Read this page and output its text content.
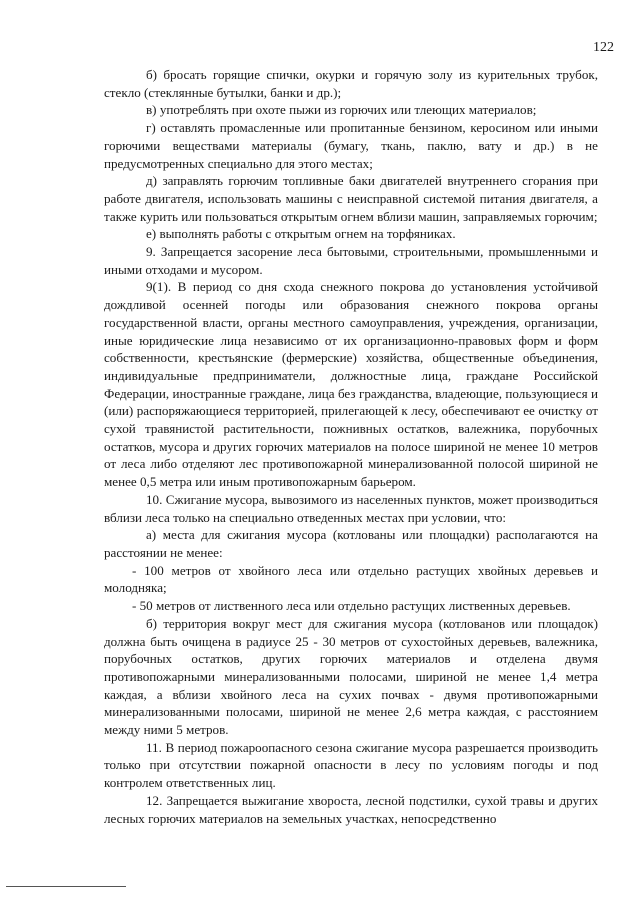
122

б) бросать горящие спички, окурки и горячую золу из курительных трубок, стекло (стеклянные бутылки, банки и др.);

в) употреблять при охоте пыжи из горючих или тлеющих материалов;

г) оставлять промасленные или пропитанные бензином, керосином или иными горючими веществами материалы (бумагу, ткань, паклю, вату и др.) в не предусмотренных специально для этого местах;

д) заправлять горючим топливные баки двигателей внутреннего сгорания при работе двигателя, использовать машины с неисправной системой питания двигателя, а также курить или пользоваться открытым огнем вблизи машин, заправляемых горючим;

е) выполнять работы с открытым огнем на торфяниках.

9. Запрещается засорение леса бытовыми, строительными, промышленными и иными отходами и мусором.

9(1). В период со дня схода снежного покрова до установления устойчивой дождливой осенней погоды или образования снежного покрова органы государственной власти, органы местного самоуправления, учреждения, организации, иные юридические лица независимо от их организационно-правовых форм и форм собственности, крестьянские (фермерские) хозяйства, общественные объединения, индивидуальные предприниматели, должностные лица, граждане Российской Федерации, иностранные граждане, лица без гражданства, владеющие, пользующиеся и (или) распоряжающиеся территорией, прилегающей к лесу, обеспечивают ее очистку от сухой травянистой растительности, пожнивных остатков, валежника, порубочных остатков, мусора и других горючих материалов на полосе шириной не менее 10 метров от леса либо отделяют лес противопожарной минерализованной полосой шириной не менее 0,5 метра или иным противопожарным барьером.

10. Сжигание мусора, вывозимого из населенных пунктов, может производиться вблизи леса только на специально отведенных местах при условии, что:

а) места для сжигания мусора (котлованы или площадки) располагаются на расстоянии не менее:

- 100 метров от хвойного леса или отдельно растущих хвойных деревьев и молодняка;

- 50 метров от лиственного леса или отдельно растущих лиственных деревьев.

б) территория вокруг мест для сжигания мусора (котлованов или площадок) должна быть очищена в радиусе 25 - 30 метров от сухостойных деревьев, валежника, порубочных остатков, других горючих материалов и отделена двумя противопожарными минерализованными полосами, шириной не менее 1,4 метра каждая, а вблизи хвойного леса на сухих почвах - двумя противопожарными минерализованными полосами, шириной не менее 2,6 метра каждая, с расстоянием между ними 5 метров.

11. В период пожароопасного сезона сжигание мусора разрешается производить только при отсутствии пожарной опасности в лесу по условиям погоды и под контролем ответственных лиц.

12. Запрещается выжигание хвороста, лесной подстилки, сухой травы и других лесных горючих материалов на земельных участках, непосредственно
